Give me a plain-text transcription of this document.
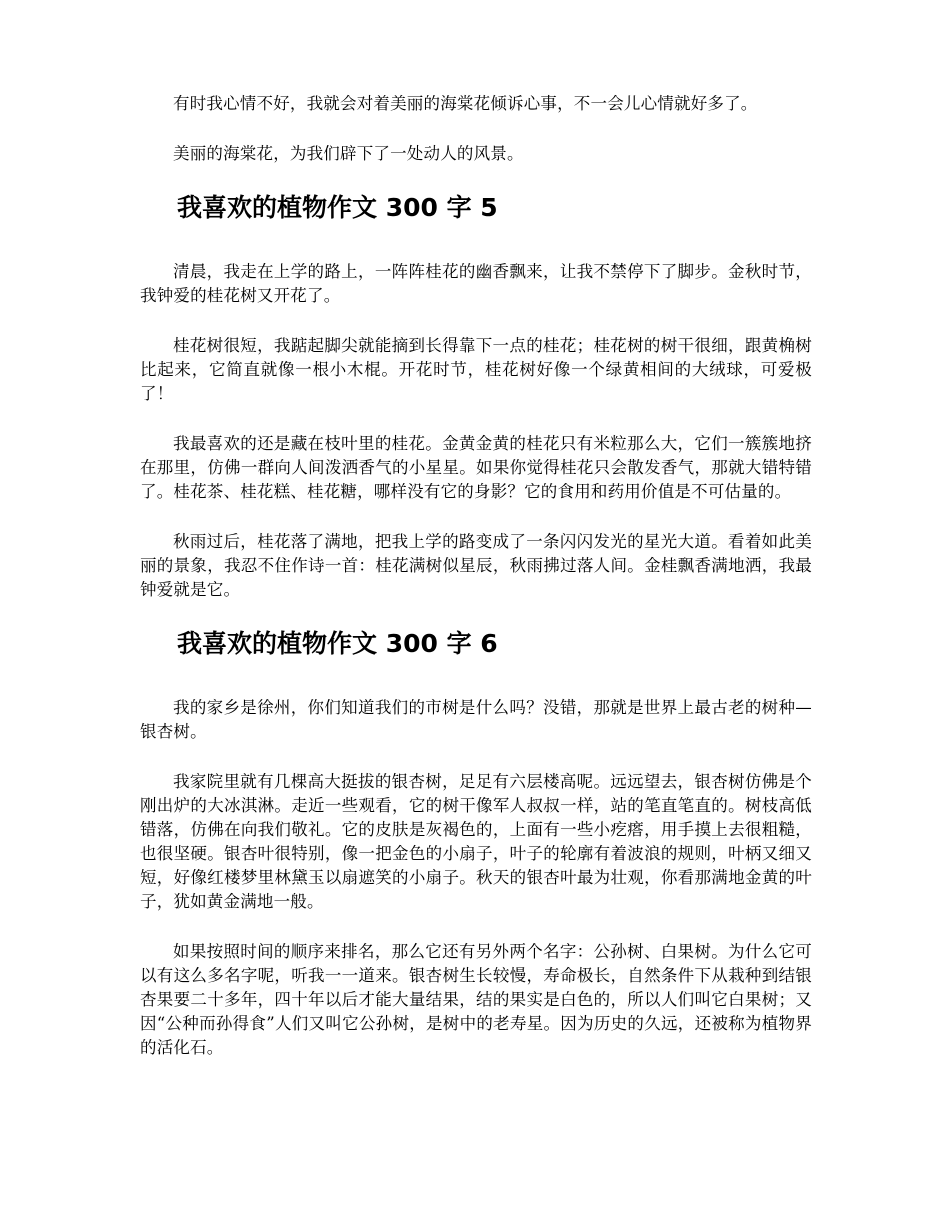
有时我心情不好，我就会对着美丽的海棠花倾诉心事，不一会儿心情就好多了。

美丽的海棠花，为我们辟下了一处动人的风景。

我喜欢的植物作文 300 字 5

清晨，我走在上学的路上，一阵阵桂花的幽香飘来，让我不禁停下了脚步。金秋时节，我钟爱的桂花树又开花了。

桂花树很短，我踮起脚尖就能摘到长得靠下一点的桂花；桂花树的树干很细，跟黄桷树比起来，它简直就像一根小木棍。开花时节，桂花树好像一个绿黄相间的大绒球，可爱极了！

我最喜欢的还是藏在枝叶里的桂花。金黄金黄的桂花只有米粒那么大，它们一簇簇地挤在那里，仿佛一群向人间泼洒香气的小星星。如果你觉得桂花只会散发香气，那就大错特错了。桂花茶、桂花糕、桂花糖，哪样没有它的身影？它的食用和药用价值是不可估量的。

秋雨过后，桂花落了满地，把我上学的路变成了一条闪闪发光的星光大道。看着如此美丽的景象，我忍不住作诗一首：桂花满树似星辰，秋雨拂过落人间。金桂飘香满地洒，我最钟爱就是它。

我喜欢的植物作文 300 字 6

我的家乡是徐州，你们知道我们的市树是什么吗？没错，那就是世界上最古老的树种—银杏树。

我家院里就有几棵高大挺拔的银杏树，足足有六层楼高呢。远远望去，银杏树仿佛是个刚出炉的大冰淇淋。走近一些观看，它的树干像军人叔叔一样，站的笔直笔直的。树枝高低错落，仿佛在向我们敬礼。它的皮肤是灰褐色的，上面有一些小疙瘩，用手摸上去很粗糙，也很坚硬。银杏叶很特别，像一把金色的小扇子，叶子的轮廓有着波浪的规则，叶柄又细又短，好像红楼梦里林黛玉以扇遮笑的小扇子。秋天的银杏叶最为壮观，你看那满地金黄的叶子，犹如黄金满地一般。

如果按照时间的顺序来排名，那么它还有另外两个名字：公孙树、白果树。为什么它可以有这么多名字呢，听我一一道来。银杏树生长较慢，寿命极长，自然条件下从栽种到结银杏果要二十多年，四十年以后才能大量结果，结的果实是白色的，所以人们叫它白果树；又因“公种而孙得食”人们又叫它公孙树，是树中的老寿星。因为历史的久远，还被称为植物界的活化石。
